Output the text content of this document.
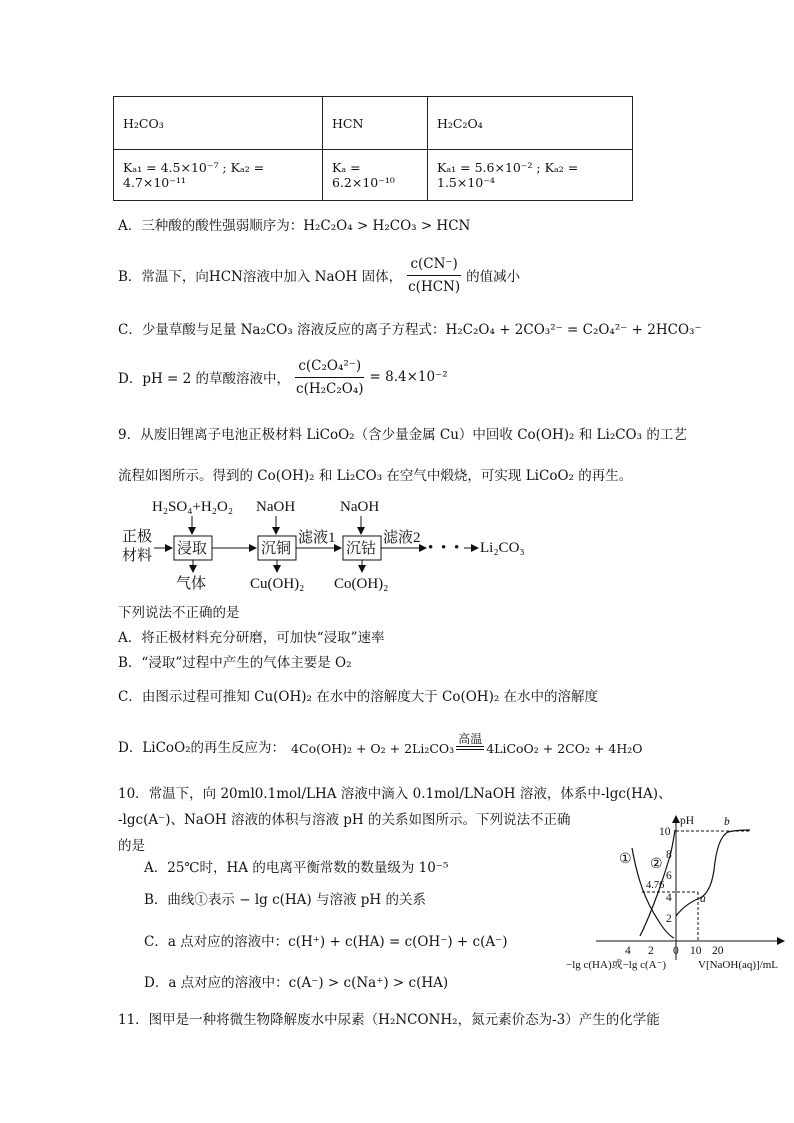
H₂CO₃	HCN	H₂C₂O₄
Kₐ₁ = 4.5×10⁻⁷ ; Kₐ₂ = 4.7×10⁻¹¹	Kₐ = 6.2×10⁻¹⁰	Kₐ₁ = 5.6×10⁻² ; Kₐ₂ = 1.5×10⁻⁴
A．三种酸的酸性强弱顺序为：H₂C₂O₄ > H₂CO₃ > HCN
B．常温下，向HCN溶液中加入 NaOH 固体， $\frac{c(CN^-)}{\text{c(HCN)}}$ 的值减小
C．少量草酸与足量 Na₂CO₃ 溶液反应的离子方程式：H₂C₂O₄ + 2CO₃²⁻ = C₂O₄²⁻ + 2HCO₃⁻
D．pH = 2 的草酸溶液中， $\frac{\text{c(C₂O₄²⁻)}}{\text{c(H₂C₂O₄)}} = 8.4\times 10^{-2}$
9．从废旧锂离子电池正极材料 LiCoO₂（含少量金属 Cu）中回收 Co(OH)₂ 和 Li₂CO₃ 的工艺
流程如图所示。得到的 Co(OH)₂ 和 Li₂CO₃ 在空气中煅烧，可实现 LiCoO₂ 的再生。
正极
材料
H₂SO₄+H₂O₂ NaOH	NaOH
浸取	沉铜	沉钴
滤液1	滤液2
• • • Li₂CO₃
气体	Cu(OH)₂ Co(OH)₂
下列说法不正确的是
A．将正极材料充分研磨，可加快“浸取”速率
B．“浸取”过程中产生的气体主要是 O₂
C．由图示过程可推知 Cu(OH)₂ 在水中的溶解度大于 Co(OH)₂ 在水中的溶解度
D．LiCoO₂的再生反应为： 4Co(OH)₂ + O₂ + 2Li₂CO₃
高温
4LiCoO₂ + 2CO₂ + 4H₂O
10．常温下，向 20ml0.1mol/LHA 溶液中滴入 0.1mol/LNaOH 溶液，体系中-lgc(HA)、
-lgc(A⁻)、NaOH 溶液的体积与溶液 pH 的关系如图所示。下列说法不正确
的是
A．25℃时，HA 的电离平衡常数的数量级为 10⁻⁵
B．曲线①表示 − lg c(HA) 与溶液 pH 的关系
C．a 点对应的溶液中：c(H⁺) + c(HA) = c(OH⁻) + c(A⁻)
D．a 点对应的溶液中：c(A⁻) > c(Na⁺) > c(HA)
pH
10
8
6
4
2
4 2 0 10 20
−lg c(HA)或−lg c(A⁻)	V[NaOH(aq)]/mL
4.76
① ②
a
b
11．图甲是一种将微生物降解废水中尿素（H₂NCONH₂，氮元素价态为-3）产生的化学能
